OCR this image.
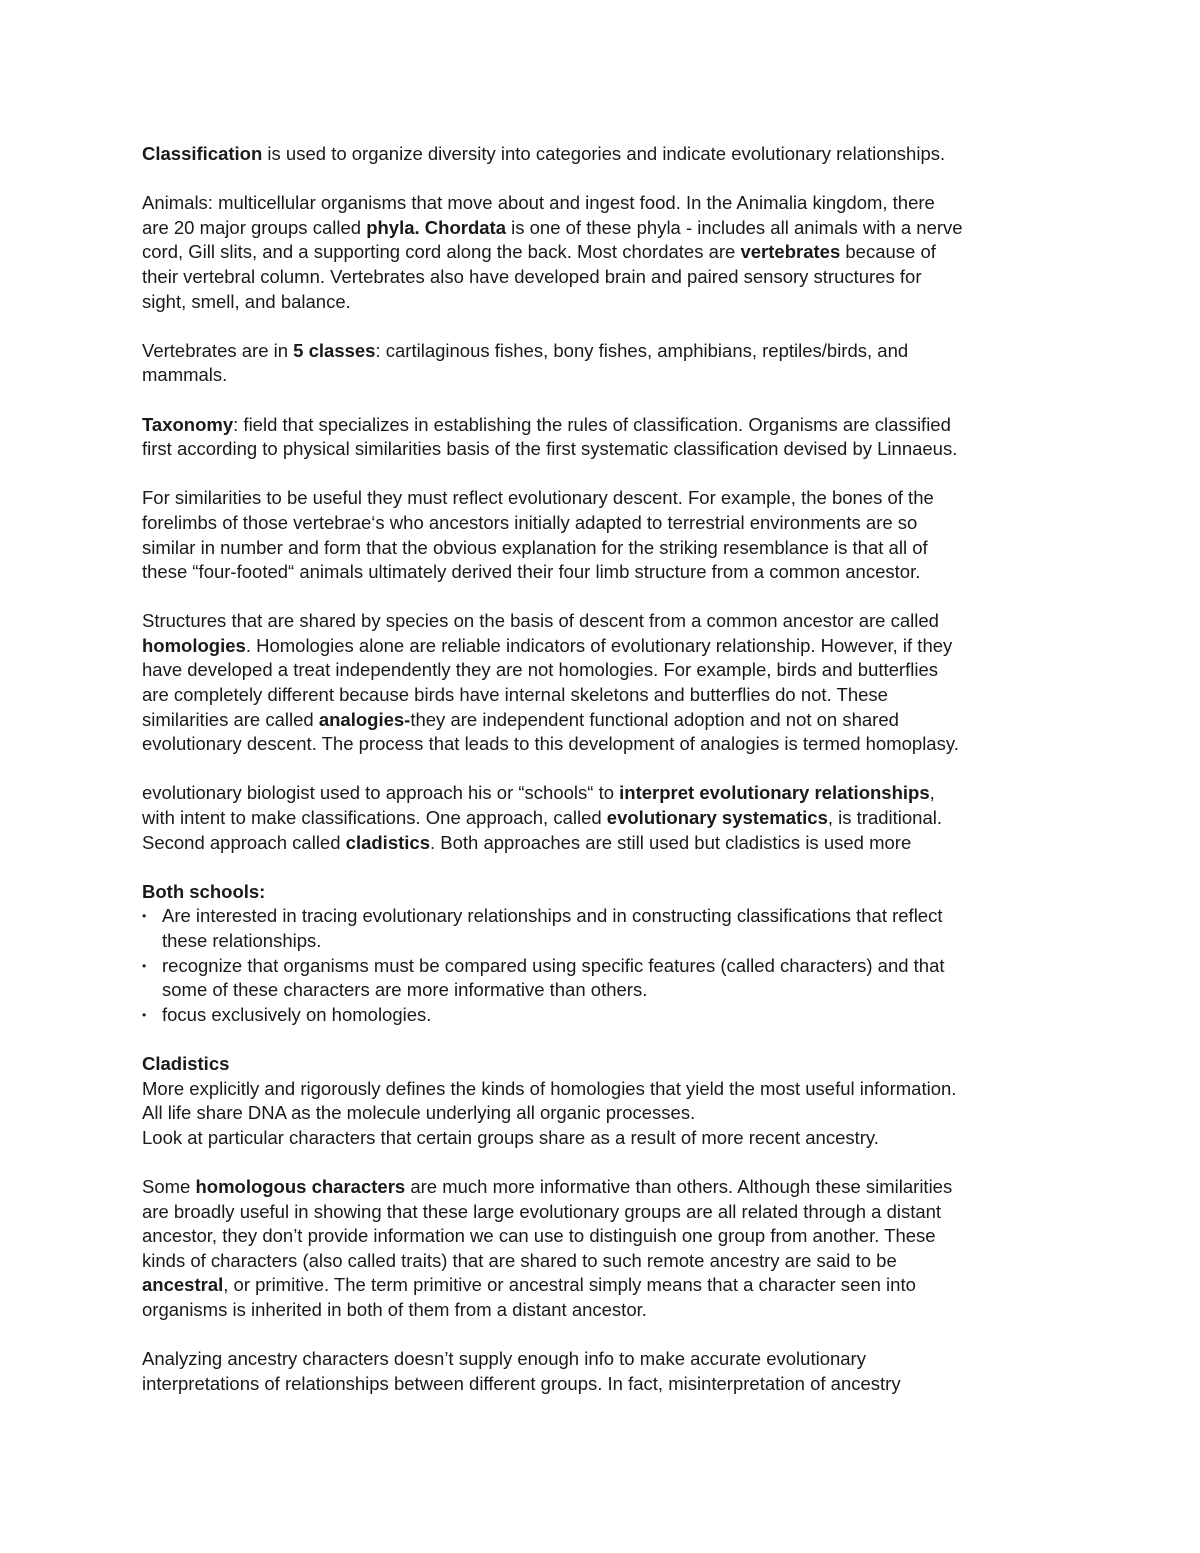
Classification is used to organize diversity into categories and indicate evolutionary relationships.

Animals: multicellular organisms that move about and ingest food. In the Animalia kingdom, there
are 20 major groups called phyla. Chordata is one of these phyla - includes all animals with a nerve
cord, Gill slits, and a supporting cord along the back. Most chordates are vertebrates because of
their vertebral column. Vertebrates also have developed brain and paired sensory structures for
sight, smell, and balance.

Vertebrates are in 5 classes: cartilaginous fishes, bony fishes, amphibians, reptiles/birds, and
mammals.

Taxonomy: field that specializes in establishing the rules of classification. Organisms are classified
first according to physical similarities basis of the first systematic classification devised by Linnaeus.

For similarities to be useful they must reflect evolutionary descent. For example, the bones of the
forelimbs of those vertebrae‘s who ancestors initially adapted to terrestrial environments are so
similar in number and form that the obvious explanation for the striking resemblance is that all of
these “four-footed“ animals ultimately derived their four limb structure from a common ancestor.

Structures that are shared by species on the basis of descent from a common ancestor are called
homologies. Homologies alone are reliable indicators of evolutionary relationship. However, if they
have developed a treat independently they are not homologies. For example, birds and butterflies
are completely different because birds have internal skeletons and butterflies do not. These
similarities are called analogies-they are independent functional adoption and not on shared
evolutionary descent. The process that leads to this development of analogies is termed homoplasy.

evolutionary biologist used to approach his or “schools“ to interpret evolutionary relationships,
with intent to make classifications. One approach, called evolutionary systematics, is traditional.
Second approach called cladistics. Both approaches are still used but cladistics is used more

Both schools:

• Are interested in tracing evolutionary relationships and in constructing classifications that reflect
these relationships.
• recognize that organisms must be compared using specific features (called characters) and that
some of these characters are more informative than others.
• focus exclusively on homologies.

Cladistics
More explicitly and rigorously defines the kinds of homologies that yield the most useful information.
All life share DNA as the molecule underlying all organic processes.
Look at particular characters that certain groups share as a result of more recent ancestry.

Some homologous characters are much more informative than others. Although these similarities
are broadly useful in showing that these large evolutionary groups are all related through a distant
ancestor, they don’t provide information we can use to distinguish one group from another. These
kinds of characters (also called traits) that are shared to such remote ancestry are said to be
ancestral, or primitive. The term primitive or ancestral simply means that a character seen into
organisms is inherited in both of them from a distant ancestor.

Analyzing ancestry characters doesn’t supply enough info to make accurate evolutionary
interpretations of relationships between different groups. In fact, misinterpretation of ancestry
